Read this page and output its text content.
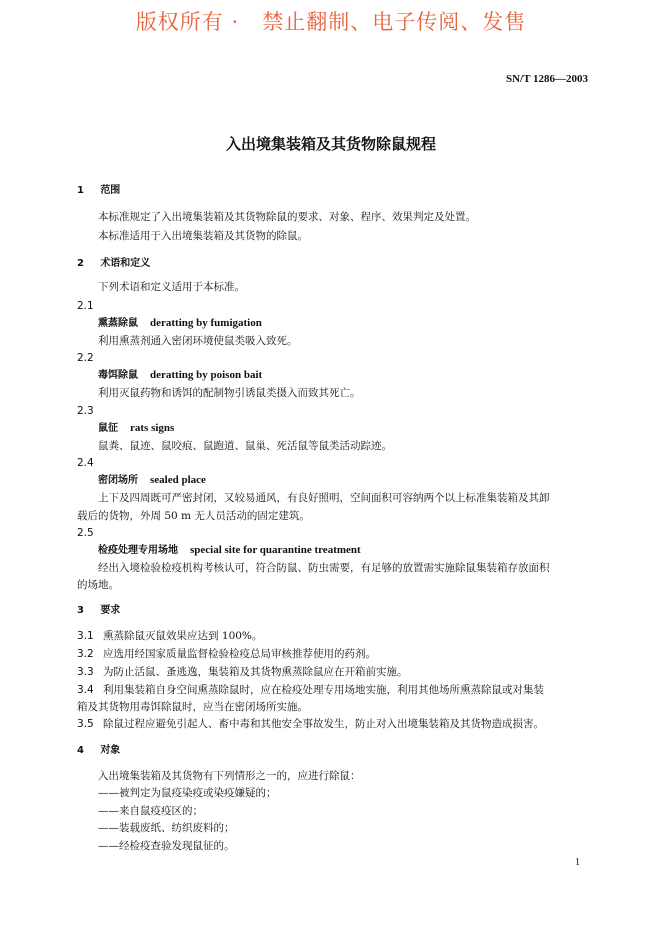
版权所有 ·   禁止翻制、电子传阅、发售
SN/T 1286—2003
入出境集装箱及其货物除鼠规程
1 范围
本标准规定了入出境集装箱及其货物除鼠的要求、对象、程序、效果判定及处置。
本标准适用于入出境集装箱及其货物的除鼠。
2 术语和定义
下列术语和定义适用于本标准。
2.1
熏蒸除鼠 deratting by fumigation
利用熏蒸剂通入密闭环境使鼠类吸入致死。
2.2
毒饵除鼠 deratting by poison bait
利用灭鼠药物和诱饵的配制物引诱鼠类摄入而致其死亡。
2.3
鼠征 rats signs
鼠粪、鼠迹、鼠咬痕、鼠跑道、鼠巢、死活鼠等鼠类活动踪迹。
2.4
密闭场所 sealed place
上下及四周既可严密封闭，又较易通风，有良好照明，空间面积可容纳两个以上标准集装箱及其卸
载后的货物，外周 50 m 无人员活动的固定建筑。
2.5
检疫处理专用场地 special site for quarantine treatment
经出入境检验检疫机构考核认可，符合防鼠、防虫需要，有足够的放置需实施除鼠集装箱存放面积
的场地。
3 要求
3.1 熏蒸除鼠灭鼠效果应达到 100%。
3.2 应选用经国家质量监督检验检疫总局审核推荐使用的药剂。
3.3 为防止活鼠、蚤逃逸，集装箱及其货物熏蒸除鼠应在开箱前实施。
3.4 利用集装箱自身空间熏蒸除鼠时，应在检疫处理专用场地实施，利用其他场所熏蒸除鼠或对集装
箱及其货物用毒饵除鼠时，应当在密闭场所实施。
3.5 除鼠过程应避免引起人、畜中毒和其他安全事故发生，防止对入出境集装箱及其货物造成损害。
4 对象
入出境集装箱及其货物有下列情形之一的，应进行除鼠：
——被判定为鼠疫染疫或染疫嫌疑的；
——来自鼠疫疫区的；
——装载废纸、纺织废料的；
——经检疫查验发现鼠征的。
1
